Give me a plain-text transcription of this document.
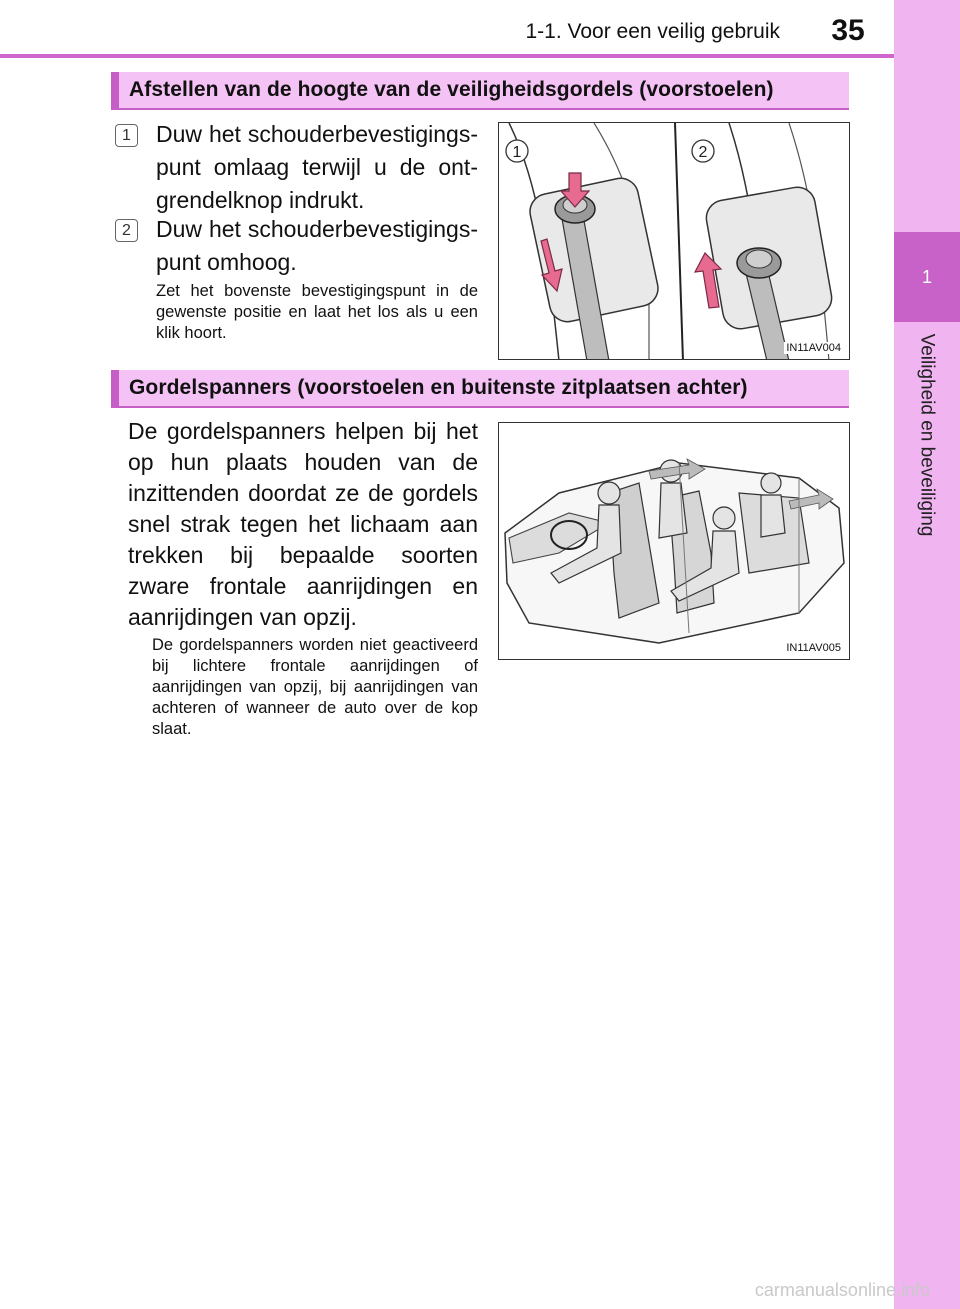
1-1. Voor een veilig gebruik	35
1
Veiligheid en beveiliging
Afstellen van de hoogte van de veiligheidsgordels (voorstoelen)
1	Duw het schouderbevestigingspunt omlaag terwijl u de ontgrendelknop indrukt.
2	Duw het schouderbevestigingspunt omhoog.
Zet het bovenste bevestigingspunt in de gewenste positie en laat het los als u een klik hoort.
1	2
IN11AV004
Gordelspanners (voorstoelen en buitenste zitplaatsen achter)
De gordelspanners helpen bij het op hun plaats houden van de inzittenden doordat ze de gordels snel strak tegen het lichaam aan trekken bij bepaalde soorten zware frontale aanrijdingen en aanrijdingen van opzij.
De gordelspanners worden niet geactiveerd bij lichtere frontale aanrijdingen of aanrijdingen van opzij, bij aanrijdingen van achteren of wanneer de auto over de kop slaat.
IN11AV005
carmanualsonline.info
